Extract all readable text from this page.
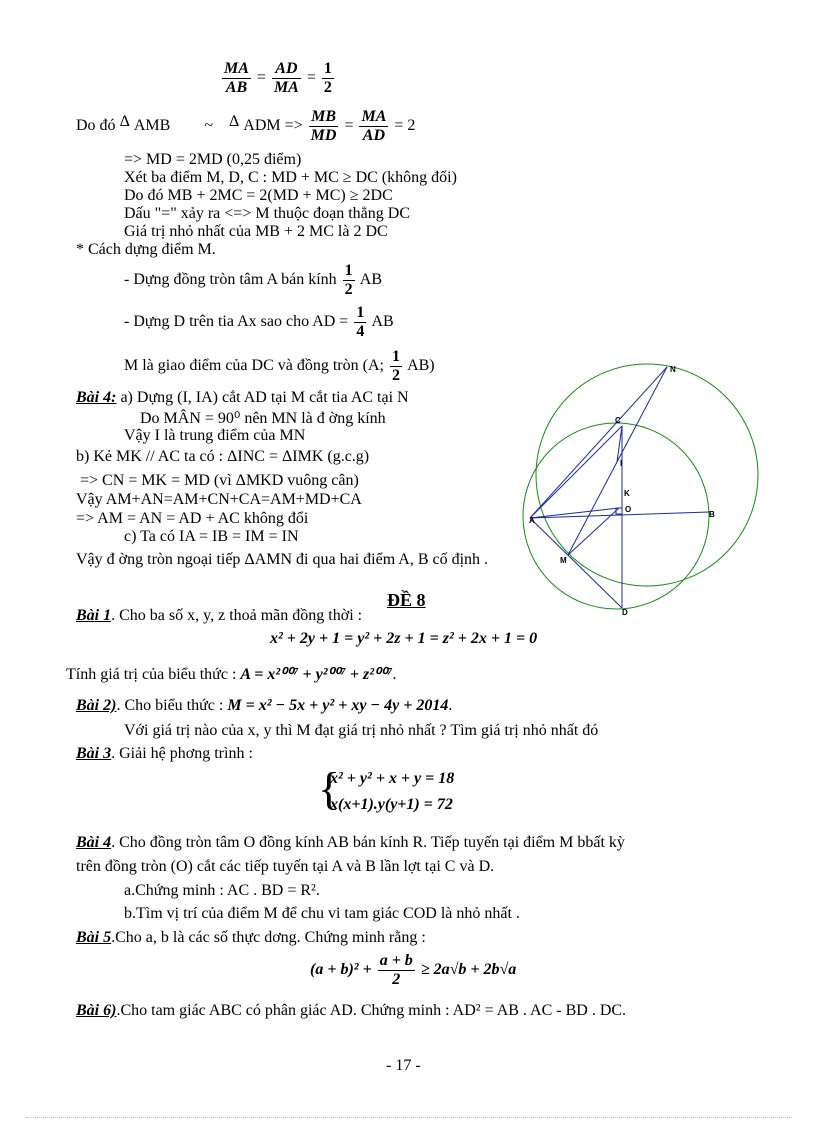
$\frac{MA}{AB} = \frac{AD}{MA} = \frac{1}{2}$
Do đó Δ AMB ~ Δ ADM => $\frac{MB}{MD} = \frac{MA}{AD} = 2$
=> MD = 2MD (0,25 điểm)
Xét ba điểm M, D, C : MD + MC ≥ DC (không đổi)
Do đó MB + 2MC = 2(MD + MC) ≥ 2DC
Dấu "=" xảy ra <=> M thuộc đoạn thẳng DC
Giá trị nhỏ nhất của MB + 2 MC là 2 DC
* Cách dựng điểm M.
- Dựng đồng tròn tâm A bán kính $\frac{1}{2}$ AB
- Dựng D trên tia Ax sao cho AD = $\frac{1}{4}$ AB
M là giao điểm của DC và đồng tròn (A; $\frac{1}{2} AB$)
Bài 4: a) Dựng (I, IA) cắt AD tại M cắt tia AC tại N
Do MÂN = 90⁰ nên MN là đ ờng kính
Vậy I là trung điểm của MN
b) Kẻ MK // AC ta có : ΔINC = ΔIMK (g.c.g)
=> CN = MK = MD (vì ΔMKD vuông cân)
Vậy AM+AN=AM+CN+CA=AM+MD+CA
=> AM = AN = AD + AC không đổi
c) Ta có IA = IB = IM = IN
Vậy đ ờng tròn ngoại tiếp ΔAMN đi qua hai điểm A, B cố định .
ĐỀ 8
Bài 1. Cho ba số x, y, z thoả mãn đồng thời :
x² + 2y + 1 = y² + 2z + 1 = z² + 2x + 1 = 0
Tính giá trị của biểu thức : A = x²⁰⁰⁷ + y²⁰⁰⁷ + z²⁰⁰⁷.
Bài 2). Cho biểu thức : M = x² − 5x + y² + xy − 4y + 2014.
Với giá trị nào của x, y thì M đạt giá trị nhỏ nhất ? Tìm giá trị nhỏ nhất đó
Bài 3. Giải hệ phơng trình :
{
x² + y² + x + y = 18
x(x+1).y(y+1) = 72
Bài 4. Cho đồng tròn tâm O đồng kính AB bán kính R. Tiếp tuyến tại điểm M bbất kỳ
trên đồng tròn (O) cắt các tiếp tuyến tại A và B lần lợt tại C và D.
a.Chứng minh : AC . BD = R².
b.Tìm vị trí của điểm M để chu vi tam giác COD là nhỏ nhất .
Bài 5.Cho a, b là các số thực dơng. Chứng minh rằng :
$(a + b)^2 + \frac{a + b}{2} \ge 2a√b + 2b√a$
Bài 6).Cho tam giác ABC có phân giác AD. Chứng minh : AD² = AB . AC - BD . DC.
- 17 -
N
C
I
K
O
A
B
M
D
